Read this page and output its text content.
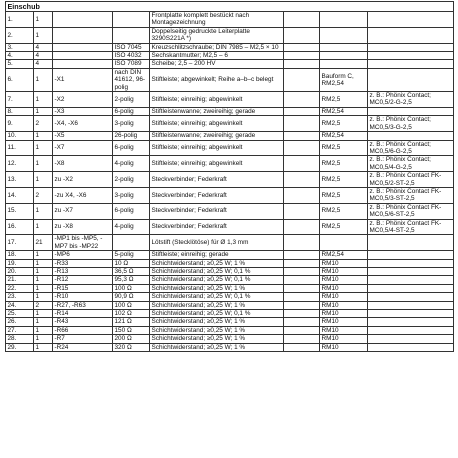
Einschub							
1.	1			Frontplatte komplett bestückt nach Montagezeichnung			
2.	1			Doppelseitig gedruckte Leiterplatte 3290S221A *)			
3.	4		ISO 7045	Kreuzschlitzschraube; DIN 7985 – M2,5 × 10			
4.	4		ISO 4032	Sechskantmutter; M2,5 – 6			
5.	4		ISO 7089	Scheibe; 2,5 – 200 HV			
6.	1	-X1	nach DIN 41612, 96-polig	Stiftleiste; abgewinkelt; Reihe a–b–c belegt		Bauform C, RM2,54	
7.	1	-X2	2-polig	Stiftleiste; einreihig; abgewinkelt		RM2,5	z. B.: Phönix Contact; MC0,5/2-G-2,5
8.	1	-X3	6-polig	Stiftleistenwanne; zweireihig; gerade		RM2,54	
9.	2	-X4, -X6	3-polig	Stiftleiste; einreihig; abgewinkelt		RM2,5	z. B.: Phönix Contact; MC0,5/3-G-2,5
10.	1	-X5	26-polig	Stiftleistenwanne; zweireihig; gerade		RM2,54	
11.	1	-X7	6-polig	Stiftleiste; einreihig; abgewinkelt		RM2,5	z. B.: Phönix Contact; MC0,5/6-G-2,5
12.	1	-X8	4-polig	Stiftleiste; einreihig; abgewinkelt		RM2,5	z. B.: Phönix Contact; MC0,5/4-G-2,5
13.	1	zu -X2	2-polig	Steckverbinder; Federkraft		RM2,5	z. B.: Phönix Contact FK-MC0,5/2-ST-2,5
14.	2	-zu X4, -X6	3-polig	Steckverbinder; Federkraft		RM2,5	z. B.: Phönix Contact FK-MC0,5/3-ST-2,5
15.	1	zu -X7	6-polig	Steckverbinder; Federkraft		RM2,5	z. B.: Phönix Contact FK-MC0,5/6-ST-2,5
16.	1	zu -X8	4-polig	Steckverbinder; Federkraft		RM2,5	z. B.: Phönix Contact FK-MC0,5/4-ST-2,5
17.	21	-MP1 bis -MP5, -MP7 bis -MP22		Lötstift (Stecklötöse) für Ø 1,3 mm			
18.	1	-MP6	5-polig	Stiftleiste; einreihig; gerade		RM2,54	
19.	1	-R33	10 Ω	Schichtwiderstand; ≥0,25 W; 1 %		RM10	
20.	1	-R13	36,5 Ω	Schichtwiderstand; ≥0,25 W; 0,1 %		RM10	
21.	1	-R12	95,3 Ω	Schichtwiderstand; ≥0,25 W; 0,1 %		RM10	
22.	1	-R15	100 Ω	Schichtwiderstand; ≥0,25 W; 1 %		RM10	
23.	1	-R10	90,9 Ω	Schichtwiderstand; ≥0,25 W; 0,1 %		RM10	
24.	2	-R27, -R63	100 Ω	Schichtwiderstand; ≥0,25 W; 1 %		RM10	
25.	1	-R14	102 Ω	Schichtwiderstand; ≥0,25 W; 0,1 %		RM10	
26.	1	-R43	121 Ω	Schichtwiderstand; ≥0,25 W; 1 %		RM10	
27.	1	-R66	150 Ω	Schichtwiderstand; ≥0,25 W; 1 %		RM10	
28.	1	-R7	200 Ω	Schichtwiderstand; ≥0,25 W; 1 %		RM10	
29.	1	-R24	320 Ω	Schichtwiderstand; ≥0,25 W; 1 %		RM10	
